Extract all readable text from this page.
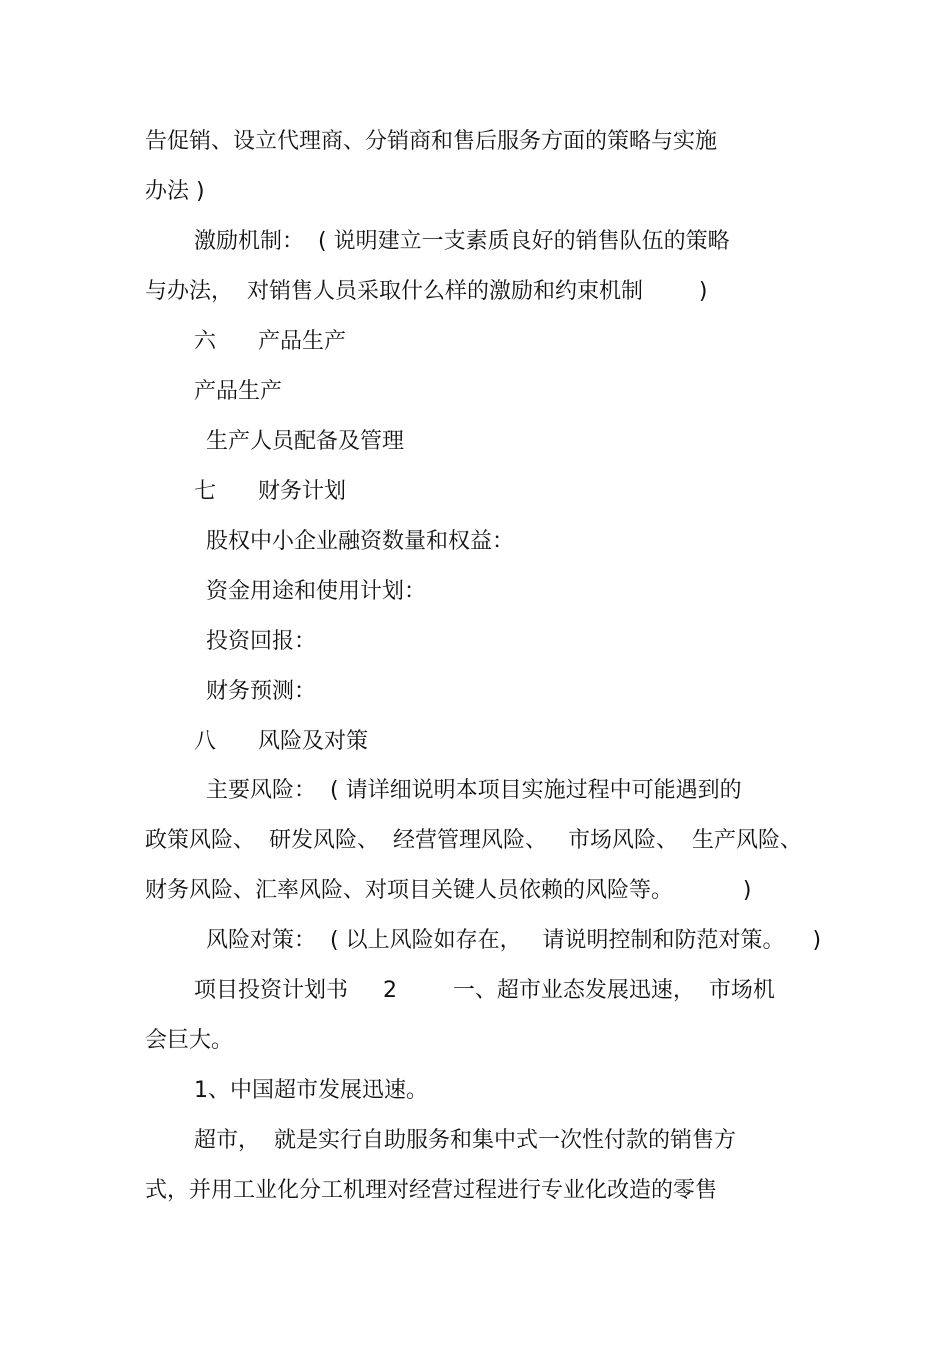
告促销、设立代理商、分销商和售后服务方面的策略与实施
办法 )
激励机制：  ( 说明建立一支素质良好的销售队伍的策略
与办法，  对销售人员采取什么样的激励和约束机制        )
六      产品生产
产品生产
生产人员配备及管理
七      财务计划
股权中小企业融资数量和权益：
资金用途和使用计划：
投资回报：
财务预测：
八      风险及对策
主要风险：  ( 请详细说明本项目实施过程中可能遇到的
政策风险、  研发风险、  经营管理风险、   市场风险、  生产风险、
财务风险、汇率风险、对项目关键人员依赖的风险等。          )
风险对策：  ( 以上风险如存在，   请说明控制和防范对策。    )
项目投资计划书     2        一、超市业态发展迅速，  市场机
会巨大。
1、中国超市发展迅速。
超市，  就是实行自助服务和集中式一次性付款的销售方
式，并用工业化分工机理对经营过程进行专业化改造的零售
